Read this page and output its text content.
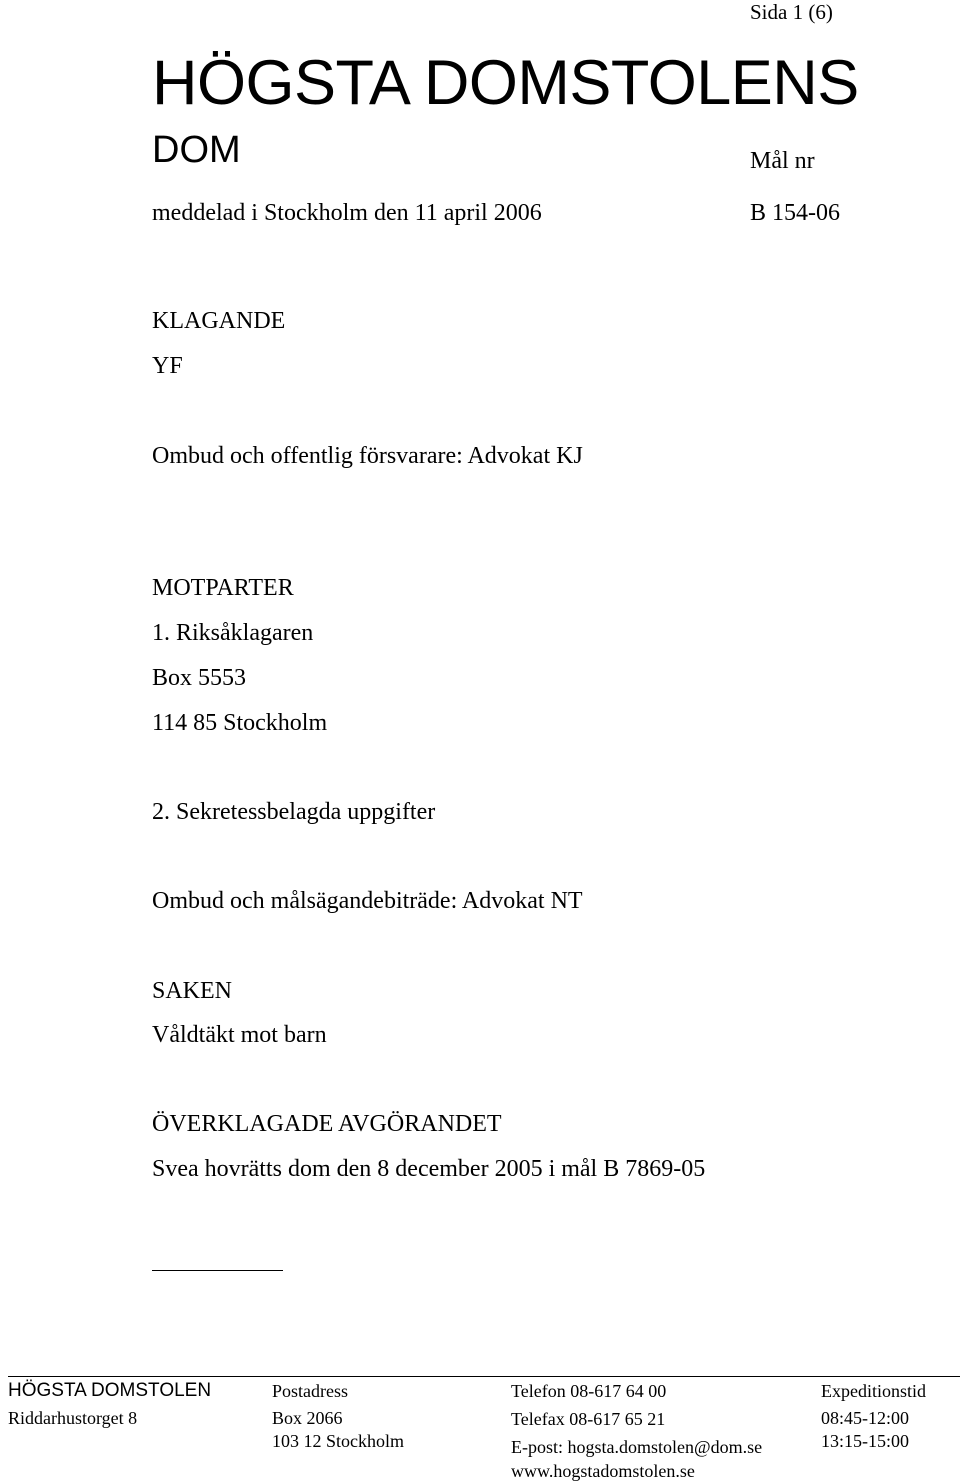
Sida 1 (6)
HÖGSTA DOMSTOLENS
DOM	Mål nr
meddelad i Stockholm den 11 april 2006	B 154-06
KLAGANDE
YF
Ombud och offentlig försvarare: Advokat KJ
MOTPARTER
1. Riksåklagaren
Box 5553
114 85 Stockholm
2. Sekretessbelagda uppgifter
Ombud och målsägandebiträde: Advokat NT
SAKEN
Våldtäkt mot barn
ÖVERKLAGADE AVGÖRANDET
Svea hovrätts dom den 8 december 2005 i mål B 7869-05
HÖGSTA DOMSTOLEN
Riddarhustorget 8
Postadress
Box 2066
103 12 Stockholm
Telefon 08-617 64 00
Telefax 08-617 65 21
E-post: hogsta.domstolen@dom.se
www.hogstadomstolen.se
Expeditionstid
08:45-12:00
13:15-15:00
